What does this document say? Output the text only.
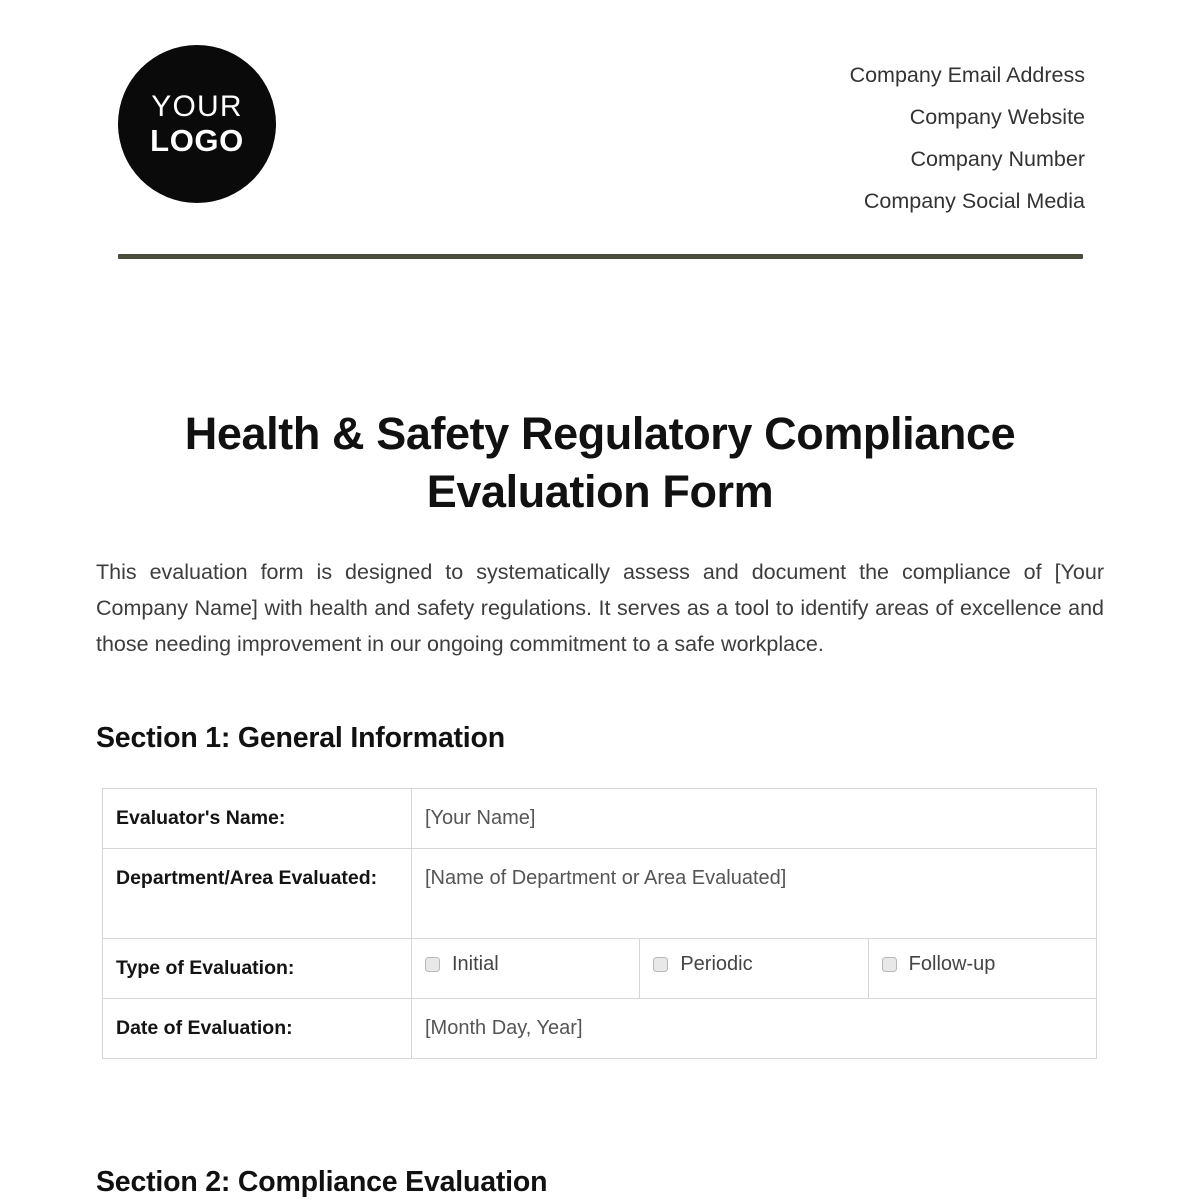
YOUR
LOGO
Company Email Address
Company Website
Company Number
Company Social Media
Health & Safety Regulatory Compliance Evaluation Form

This evaluation form is designed to systematically assess and document the compliance of [Your Company Name] with health and safety regulations. It serves as a tool to identify areas of excellence and those needing improvement in our ongoing commitment to a safe workplace.

Section 1: General Information
Evaluator's Name:	[Your Name]		
Department/Area Evaluated:	[Name of Department or Area Evaluated]		
Type of Evaluation:	Initial	Periodic	Follow-up
Date of Evaluation:	[Month Day, Year]		
Section 2: Compliance Evaluation
